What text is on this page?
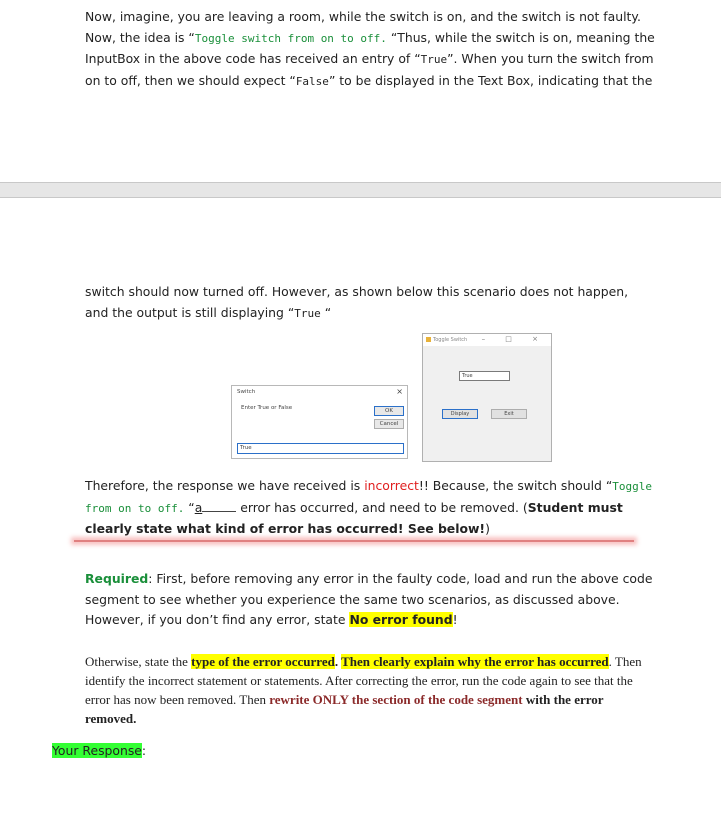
Now, imagine, you are leaving a room, while the switch is on, and the switch is not faulty. Now, the idea is “Toggle switch from on to off. “Thus, while the switch is on, meaning the InputBox in the above code has received an entry of “True”. When you turn the switch from on to off, then we should expect “False” to be displayed in the Text Box, indicating that the
switch should now turned off. However, as shown below this scenario does not happen, and the output is still displaying “True “
Switch	×
Enter True or False	OK
Cancel
True
Toggle Switch – □ ×
True
Display	Exit
Therefore, the response we have received is incorrect!! Because, the switch should “Toggle from on to off. “a	error has occurred, and need to be removed. (Student must clearly state what kind of error has occurred! See below!)
Required: First, before removing any error in the faulty code, load and run the above code segment to see whether you experience the same two scenarios, as discussed above. However, if you don’t find any error, state No error found!
Otherwise, state the type of the error occurred. Then clearly explain why the error has occurred. Then identify the incorrect statement or statements. After correcting the error, run the code again to see that the error has now been removed. Then rewrite ONLY the section of the code segment with the error removed.
Your Response:
